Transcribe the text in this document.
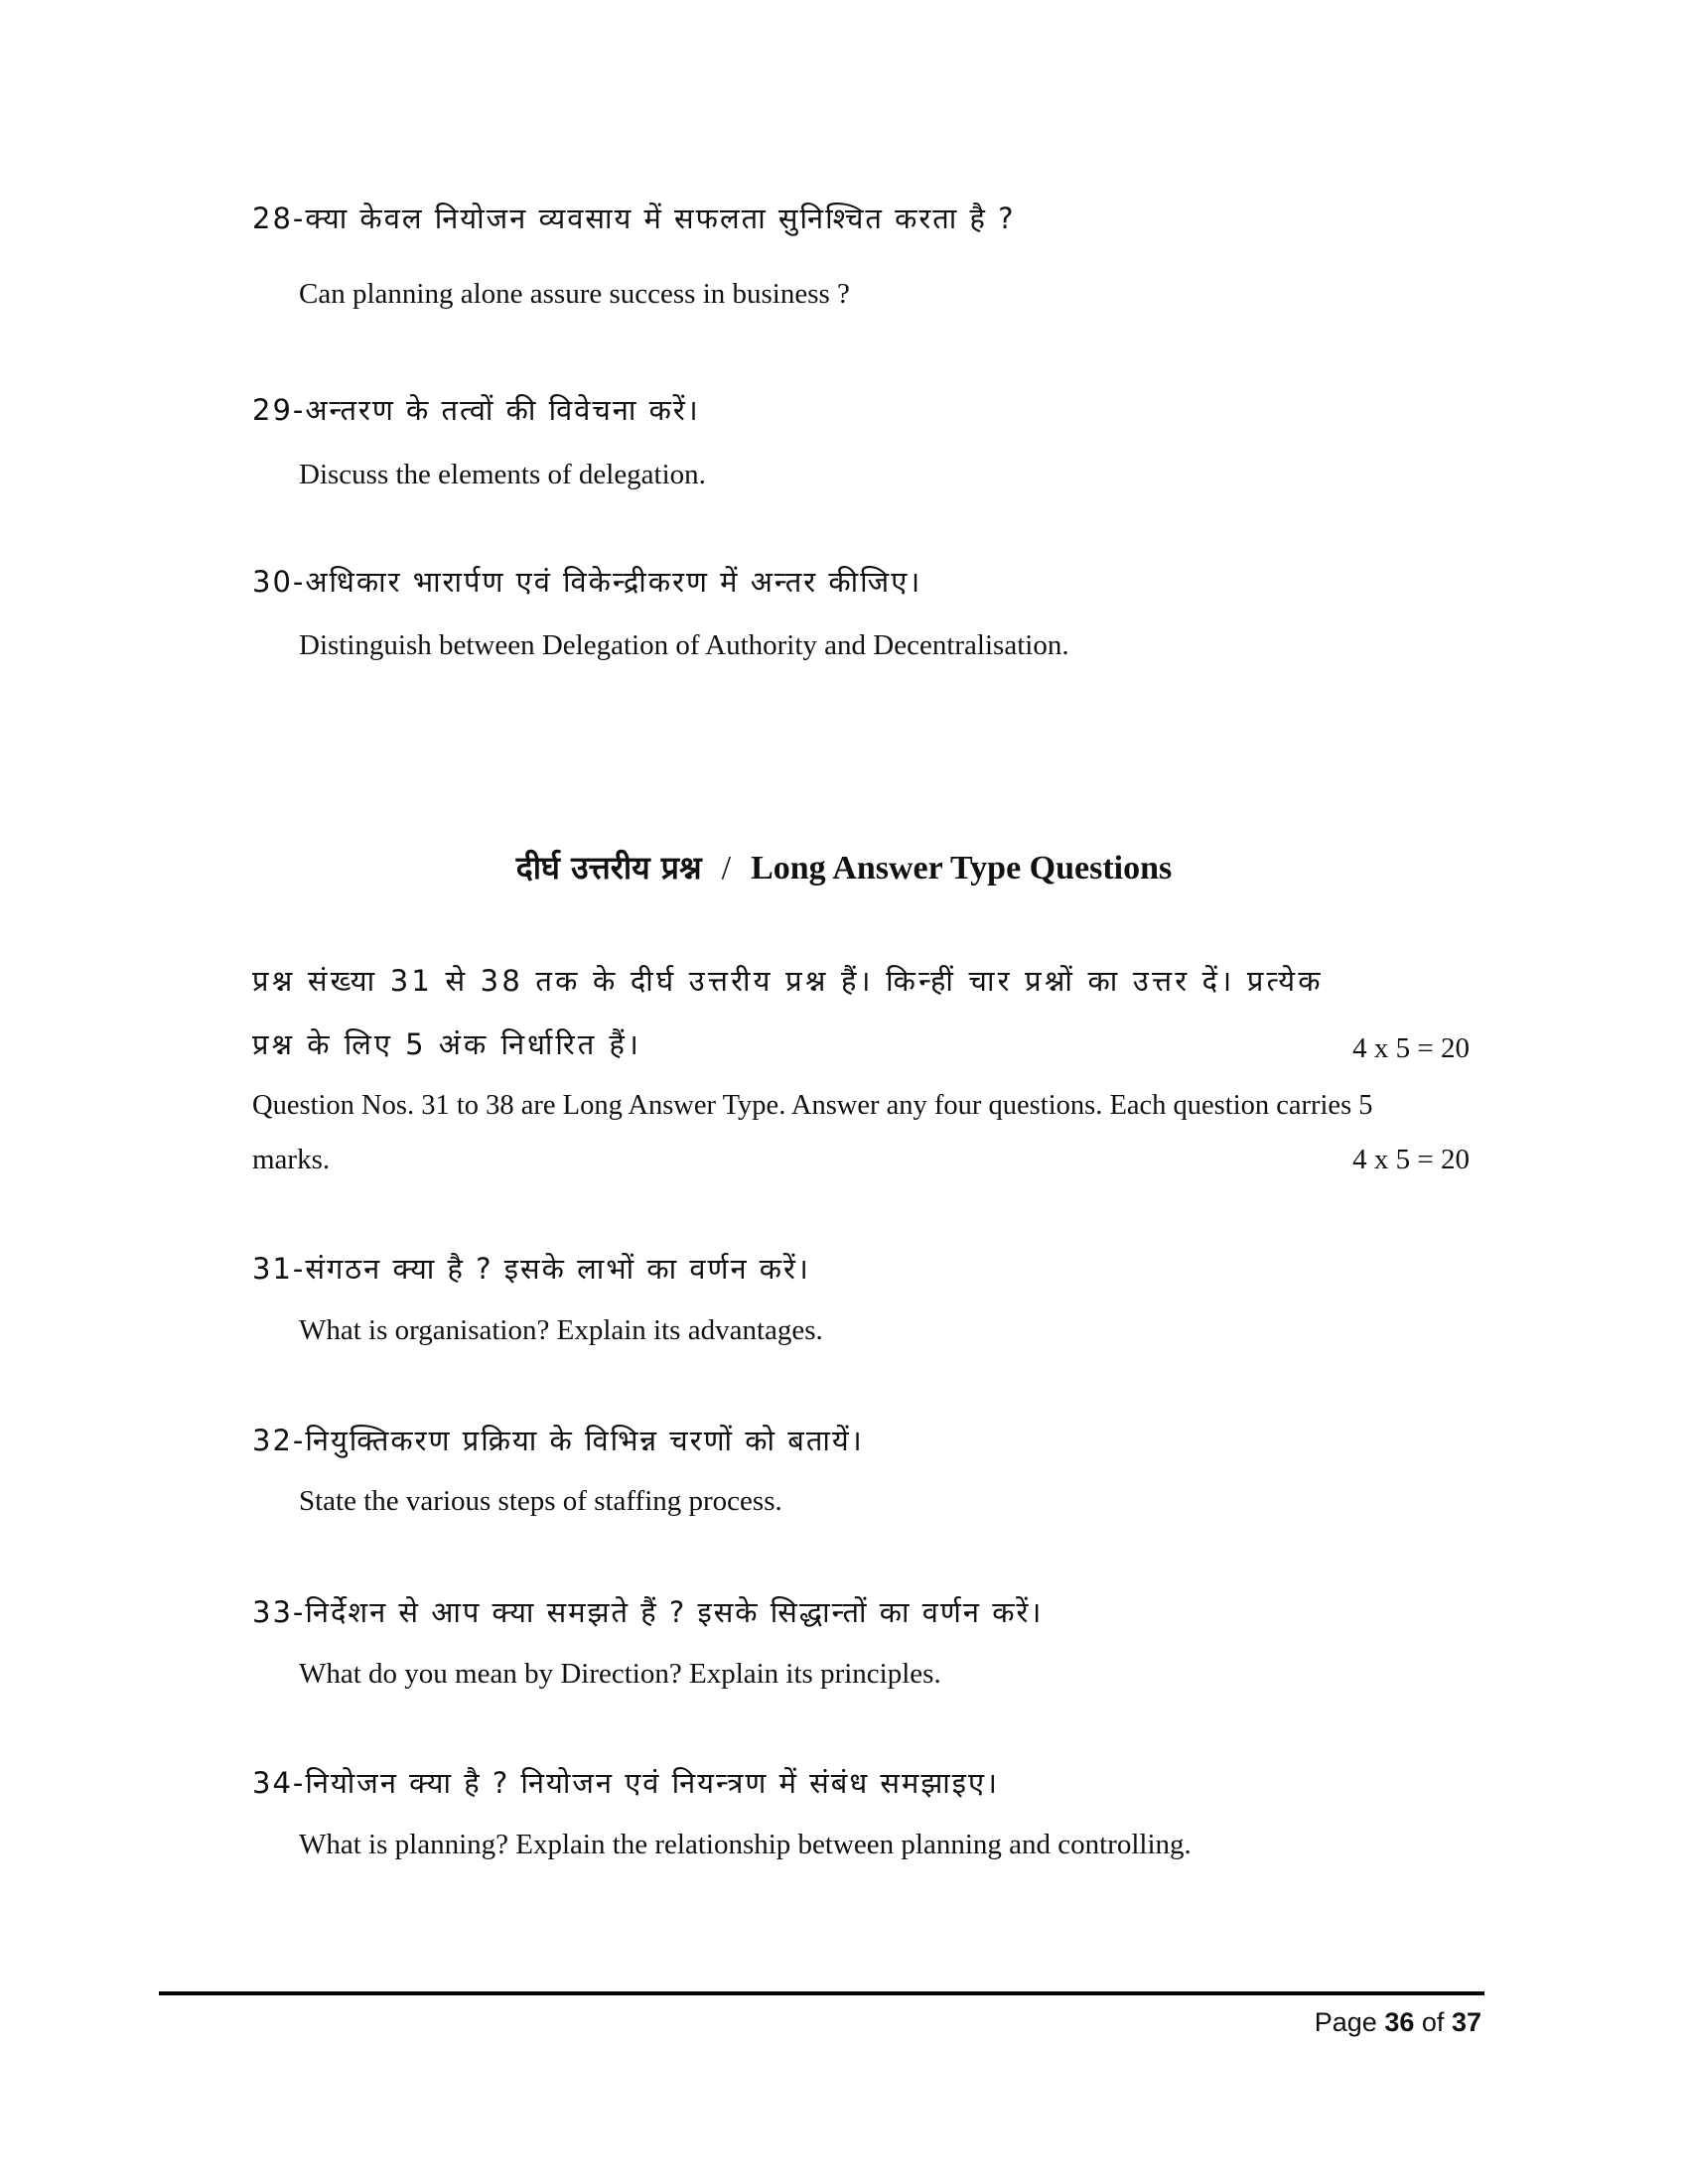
28-क्या केवल नियोजन व्यवसाय में सफलता सुनिश्चित करता है ?
Can planning alone assure success in business ?
29-अन्तरण के तत्वों की विवेचना करें।
Discuss the elements of delegation.
30-अधिकार भारार्पण एवं विकेन्द्रीकरण में अन्तर कीजिए।
Distinguish between Delegation of Authority and Decentralisation.
दीर्घ उत्तरीय प्रश्न / Long Answer Type Questions
प्रश्न संख्या 31 से 38 तक के दीर्घ उत्तरीय प्रश्न हैं। किन्हीं चार प्रश्नों का उत्तर दें। प्रत्येक
प्रश्न के लिए 5 अंक निर्धारित हैं।	4 x 5 = 20
Question Nos. 31 to 38 are Long Answer Type. Answer any four questions. Each question carries 5
marks.	4 x 5 = 20
31-संगठन क्या है ? इसके लाभों का वर्णन करें।
What is organisation? Explain its advantages.
32-नियुक्तिकरण प्रक्रिया के विभिन्न चरणों को बतायें।
State the various steps of staffing process.
33-निर्देशन से आप क्या समझते हैं ? इसके सिद्धान्तों का वर्णन करें।
What do you mean by Direction? Explain its principles.
34-नियोजन क्या है ? नियोजन एवं नियन्त्रण में संबंध समझाइए।
What is planning? Explain the relationship between planning and controlling.
Page 36 of 37
